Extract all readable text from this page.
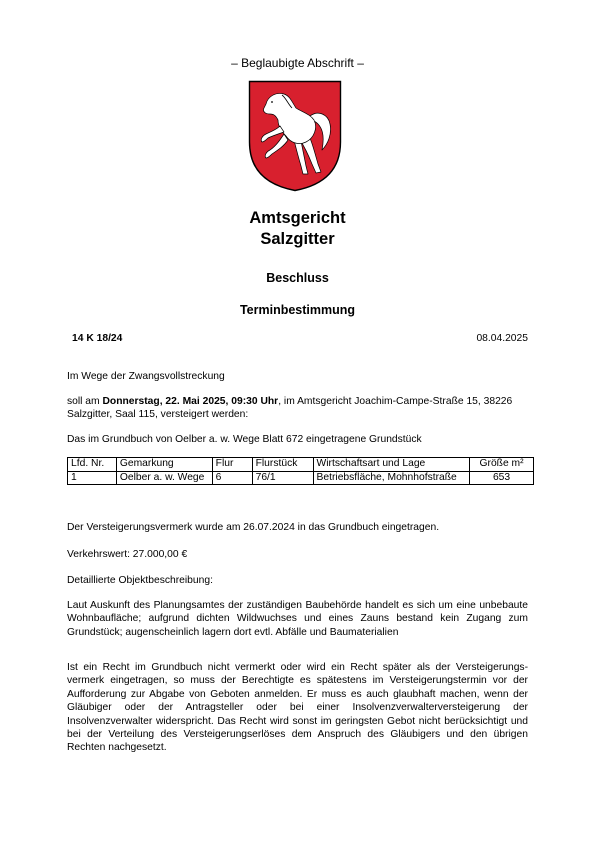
– Beglaubigte Abschrift –
Amtsgericht
Salzgitter
Beschluss
Terminbestimmung
14 K 18/24	08.04.2025
Im Wege der Zwangsvollstreckung
soll am Donnerstag, 22. Mai 2025, 09:30 Uhr, im Amtsgericht Joachim-Campe-Straße 15, 38226 Salzgitter, Saal 115, versteigert werden:
Das im Grundbuch von Oelber a. w. Wege Blatt 672 eingetragene Grundstück
Lfd. Nr.	Gemarkung	Flur	Flurstück	Wirtschaftsart und Lage	Größe m²
1	Oelber a. w. Wege	6	76/1	Betriebsfläche, Mohnhofstraße	653
Der Versteigerungsvermerk wurde am 26.07.2024 in das Grundbuch eingetragen.
Verkehrswert: 27.000,00 €
Detaillierte Objektbeschreibung:
Laut Auskunft des Planungsamtes der zuständigen Baubehörde handelt es sich um eine unbebaute Wohnbaufläche; aufgrund dichten Wildwuchses und eines Zauns bestand kein Zugang zum Grundstück; augenscheinlich lagern dort evtl. Abfälle und Baumaterialien
Ist ein Recht im Grundbuch nicht vermerkt oder wird ein Recht später als der Versteigerungs-vermerk eingetragen, so muss der Berechtigte es spätestens im Versteigerungstermin vor der Aufforderung zur Abgabe von Geboten anmelden. Er muss es auch glaubhaft machen, wenn der Gläubiger oder der Antragsteller oder bei einer Insolvenzverwalterversteigerung der Insolvenzverwalter widerspricht. Das Recht wird sonst im geringsten Gebot nicht berücksichtigt und bei der Verteilung des Versteigerungserlöses dem Anspruch des Gläubigers und den übrigen Rechten nachgesetzt.
